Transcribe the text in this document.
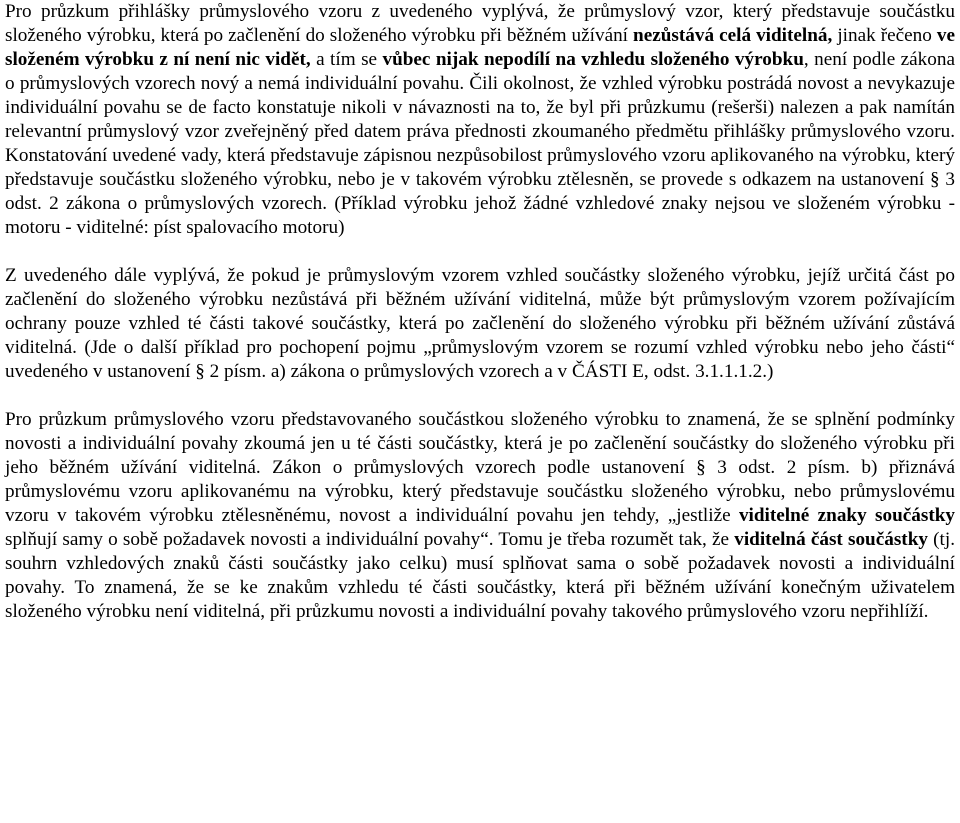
Pro průzkum přihlášky průmyslového vzoru z uvedeného vyplývá, že průmyslový vzor, který představuje součástku složeného výrobku, která po začlenění do složeného výrobku při běžném užívání nezůstává celá viditelná, jinak řečeno ve složeném výrobku z ní není nic vidět, a tím se vůbec nijak nepodílí na vzhledu složeného výrobku, není podle zákona o průmyslových vzorech nový a nemá individuální povahu. Čili okolnost, že vzhled výrobku postrádá novost a nevykazuje individuální povahu se de facto konstatuje nikoli v návaznosti na to, že byl při průzkumu (rešerši) nalezen a pak namítán relevantní průmyslový vzor zveřejněný před datem práva přednosti zkoumaného předmětu přihlášky průmyslového vzoru. Konstatování uvedené vady, která představuje zápisnou nezpůsobilost průmyslového vzoru aplikovaného na výrobku, který představuje součástku složeného výrobku, nebo je v takovém výrobku ztělesněn, se provede s odkazem na ustanovení § 3 odst. 2 zákona o průmyslových vzorech. (Příklad výrobku jehož žádné vzhledové znaky nejsou ve složeném výrobku - motoru - viditelné: píst spalovacího motoru)

Z uvedeného dále vyplývá, že pokud je průmyslovým vzorem vzhled součástky složeného výrobku, jejíž určitá část po začlenění do složeného výrobku nezůstává při běžném užívání viditelná, může být průmyslovým vzorem požívajícím ochrany pouze vzhled té části takové součástky, která po začlenění do složeného výrobku při běžném užívání zůstává viditelná. (Jde o další příklad pro pochopení pojmu „průmyslovým vzorem se rozumí vzhled výrobku nebo jeho části“ uvedeného v ustanovení § 2 písm. a) zákona o průmyslových vzorech a v ČÁSTI E, odst. 3.1.1.1.2.)

Pro průzkum průmyslového vzoru představovaného součástkou složeného výrobku to znamená, že se splnění podmínky novosti a individuální povahy zkoumá jen u té části součástky, která je po začlenění součástky do složeného výrobku při jeho běžném užívání viditelná. Zákon o průmyslových vzorech podle ustanovení § 3 odst. 2 písm. b) přiznává průmyslovému vzoru aplikovanému na výrobku, který představuje součástku složeného výrobku, nebo průmyslovému vzoru v takovém výrobku ztělesněnému, novost a individuální povahu jen tehdy, „jestliže viditelné znaky součástky splňují samy o sobě požadavek novosti a individuální povahy“. Tomu je třeba rozumět tak, že viditelná část součástky (tj. souhrn vzhledových znaků části součástky jako celku) musí splňovat sama o sobě požadavek novosti a individuální povahy. To znamená, že se ke znakům vzhledu té části součástky, která při běžném užívání konečným uživatelem složeného výrobku není viditelná, při průzkumu novosti a individuální povahy takového průmyslového vzoru nepřihlíží.
